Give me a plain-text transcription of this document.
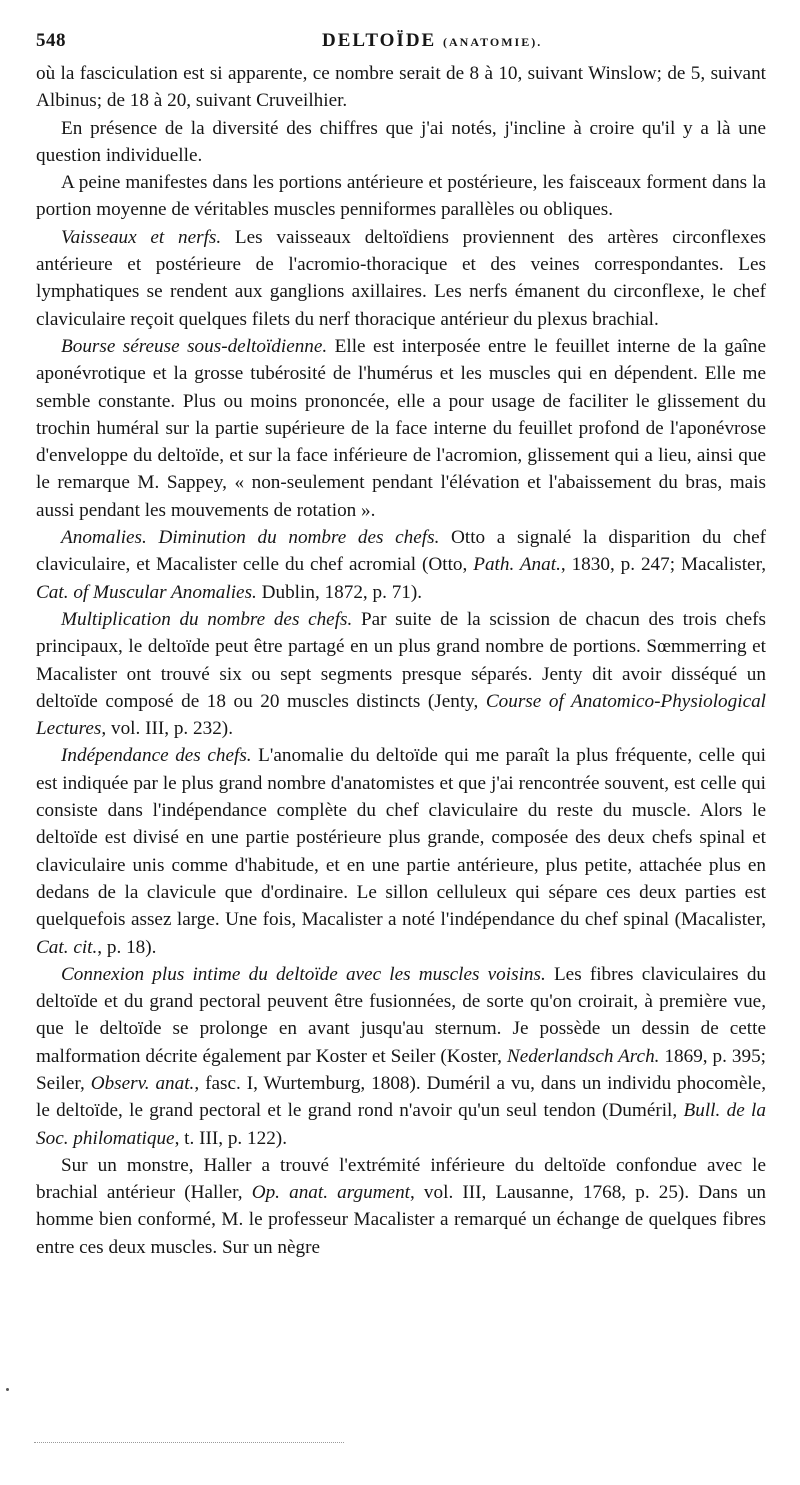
548	DELTOÏDE (ANATOMIE).

où la fasciculation est si apparente, ce nombre serait de 8 à 10, suivant Winslow; de 5, suivant Albinus; de 18 à 20, suivant Cruveilhier.

En présence de la diversité des chiffres que j'ai notés, j'incline à croire qu'il y a là une question individuelle.

A peine manifestes dans les portions antérieure et postérieure, les faisceaux forment dans la portion moyenne de véritables muscles penniformes parallèles ou obliques.

Vaisseaux et nerfs. Les vaisseaux deltoïdiens proviennent des artères circonflexes antérieure et postérieure de l'acromio-thoracique et des veines correspondantes. Les lymphatiques se rendent aux ganglions axillaires. Les nerfs émanent du circonflexe, le chef claviculaire reçoit quelques filets du nerf thoracique antérieur du plexus brachial.

Bourse séreuse sous-deltoïdienne. Elle est interposée entre le feuillet interne de la gaîne aponévrotique et la grosse tubérosité de l'humérus et les muscles qui en dépendent. Elle me semble constante. Plus ou moins prononcée, elle a pour usage de faciliter le glissement du trochin huméral sur la partie supérieure de la face interne du feuillet profond de l'aponévrose d'enveloppe du deltoïde, et sur la face inférieure de l'acromion, glissement qui a lieu, ainsi que le remarque M. Sappey, « non-seulement pendant l'élévation et l'abaissement du bras, mais aussi pendant les mouvements de rotation ».

Anomalies. Diminution du nombre des chefs. Otto a signalé la disparition du chef claviculaire, et Macalister celle du chef acromial (Otto, Path. Anat., 1830, p. 247; Macalister, Cat. of Muscular Anomalies. Dublin, 1872, p. 71).

Multiplication du nombre des chefs. Par suite de la scission de chacun des trois chefs principaux, le deltoïde peut être partagé en un plus grand nombre de portions. Sœmmerring et Macalister ont trouvé six ou sept segments presque séparés. Jenty dit avoir disséqué un deltoïde composé de 18 ou 20 muscles distincts (Jenty, Course of Anatomico-Physiological Lectures, vol. III, p. 232).

Indépendance des chefs. L'anomalie du deltoïde qui me paraît la plus fréquente, celle qui est indiquée par le plus grand nombre d'anatomistes et que j'ai rencontrée souvent, est celle qui consiste dans l'indépendance complète du chef claviculaire du reste du muscle. Alors le deltoïde est divisé en une partie postérieure plus grande, composée des deux chefs spinal et claviculaire unis comme d'habitude, et en une partie antérieure, plus petite, attachée plus en dedans de la clavicule que d'ordinaire. Le sillon celluleux qui sépare ces deux parties est quelquefois assez large. Une fois, Macalister a noté l'indépendance du chef spinal (Macalister, Cat. cit., p. 18).

Connexion plus intime du deltoïde avec les muscles voisins. Les fibres claviculaires du deltoïde et du grand pectoral peuvent être fusionnées, de sorte qu'on croirait, à première vue, que le deltoïde se prolonge en avant jusqu'au sternum. Je possède un dessin de cette malformation décrite également par Koster et Seiler (Koster, Nederlandsch Arch. 1869, p. 395; Seiler, Observ. anat., fasc. I, Wurtemburg, 1808). Duméril a vu, dans un individu phocomèle, le deltoïde, le grand pectoral et le grand rond n'avoir qu'un seul tendon (Duméril, Bull. de la Soc. philomatique, t. III, p. 122).

Sur un monstre, Haller a trouvé l'extrémité inférieure du deltoïde confondue avec le brachial antérieur (Haller, Op. anat. argument, vol. III, Lausanne, 1768, p. 25). Dans un homme bien conformé, M. le professeur Macalister a remarqué un échange de quelques fibres entre ces deux muscles. Sur un nègre
